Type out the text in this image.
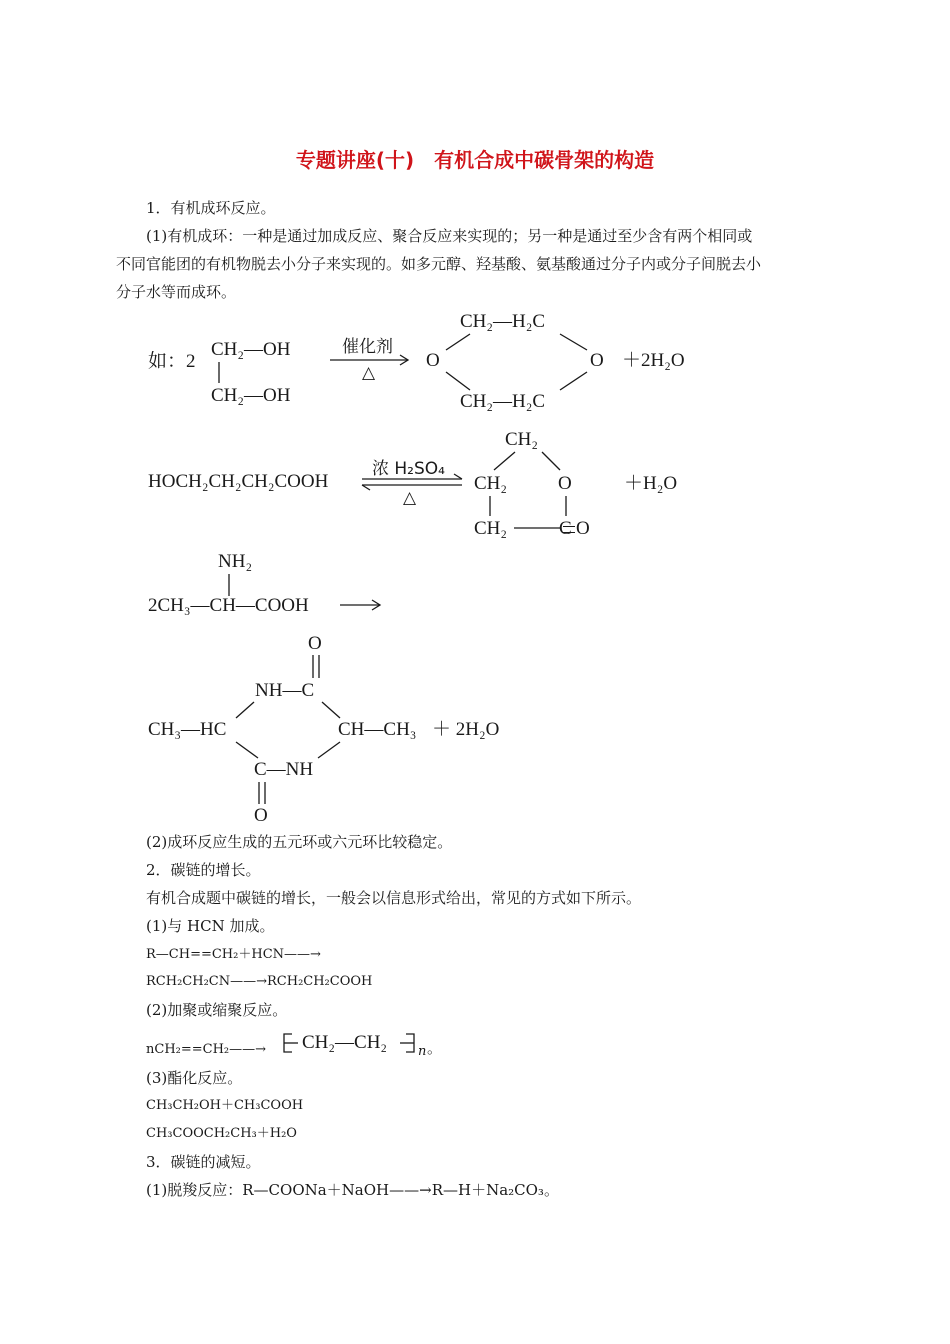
专题讲座(十)　有机合成中碳骨架的构造
1．有机成环反应。
(1)有机成环：一种是通过加成反应、聚合反应来实现的；另一种是通过至少含有两个相同或
不同官能团的有机物脱去小分子来实现的。如多元醇、羟基酸、氨基酸通过分子内或分子间脱去小
分子水等而成环。
如：2
CH₂—OH
CH₂—OH
催化剂
△
CH₂—H₂C
O	O
CH₂—H₂C
＋2H₂O
HOCH₂CH₂CH₂COOH
浓 H₂SO₄
△
CH₂
CH₂	O
CH₂	C O
＋H₂O
NH₂
2CH₃—CH—COOH
O
NH—C
CH₃—HC	CH—CH₃ ＋ 2H₂O
C—NH
O
(2)成环反应生成的五元环或六元环比较稳定。
2．碳链的增长。
有机合成题中碳链的增长，一般会以信息形式给出，常见的方式如下所示。
(1)与 HCN 加成。
R—CH==CH₂＋HCN——→
RCH₂CH₂CN——→RCH₂CH₂COOH
(2)加聚或缩聚反应。
nCH₂==CH₂——→ CH₂—CH₂ n 。
(3)酯化反应。
CH₃CH₂OH＋CH₃COOH
CH₃COOCH₂CH₃＋H₂O
3．碳链的减短。
(1)脱羧反应：R—COONa＋NaOH——→R—H＋Na₂CO₃。
